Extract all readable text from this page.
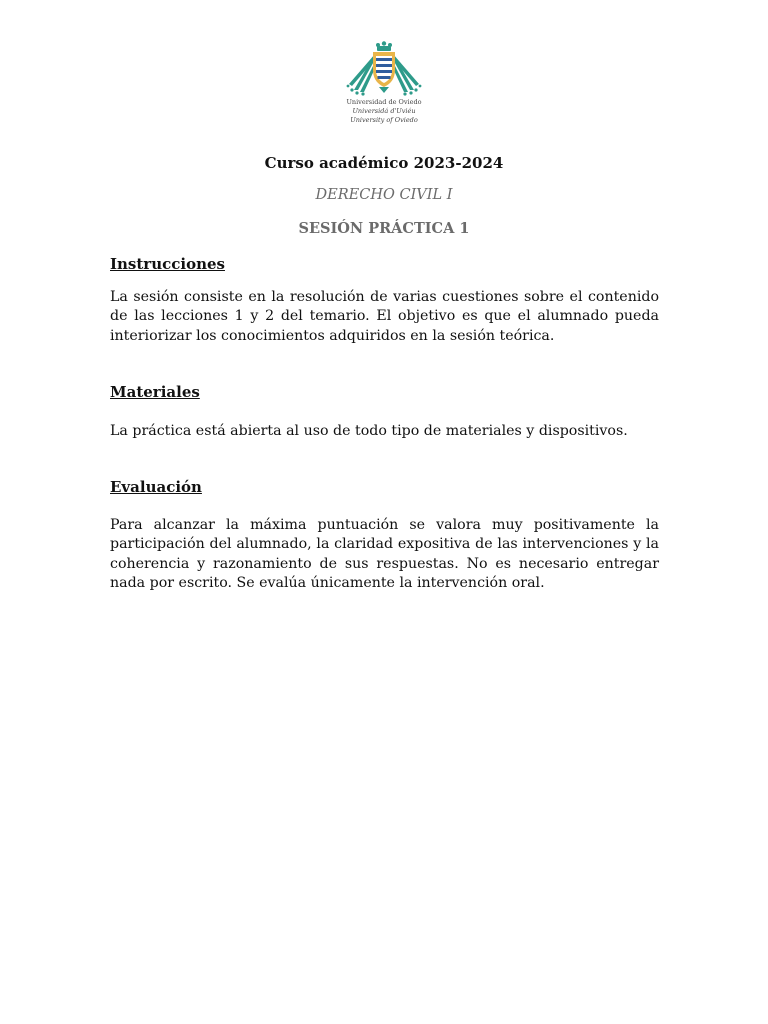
Universidad de Oviedo
Universidá d'Uviéu
University of Oviedo
Curso académico 2023-2024
DERECHO CIVIL I
SESIÓN PRÁCTICA 1
Instrucciones
La sesión consiste en la resolución de varias cuestiones sobre el contenido de las lecciones 1 y 2 del temario. El objetivo es que el alumnado pueda interiorizar los conocimientos adquiridos en la sesión teórica.
Materiales
La práctica está abierta al uso de todo tipo de materiales y dispositivos.
Evaluación
Para alcanzar la máxima puntuación se valora muy positivamente la participación del alumnado, la claridad expositiva de las intervenciones y la coherencia y razonamiento de sus respuestas. No es necesario entregar nada por escrito. Se evalúa únicamente la intervención oral.
